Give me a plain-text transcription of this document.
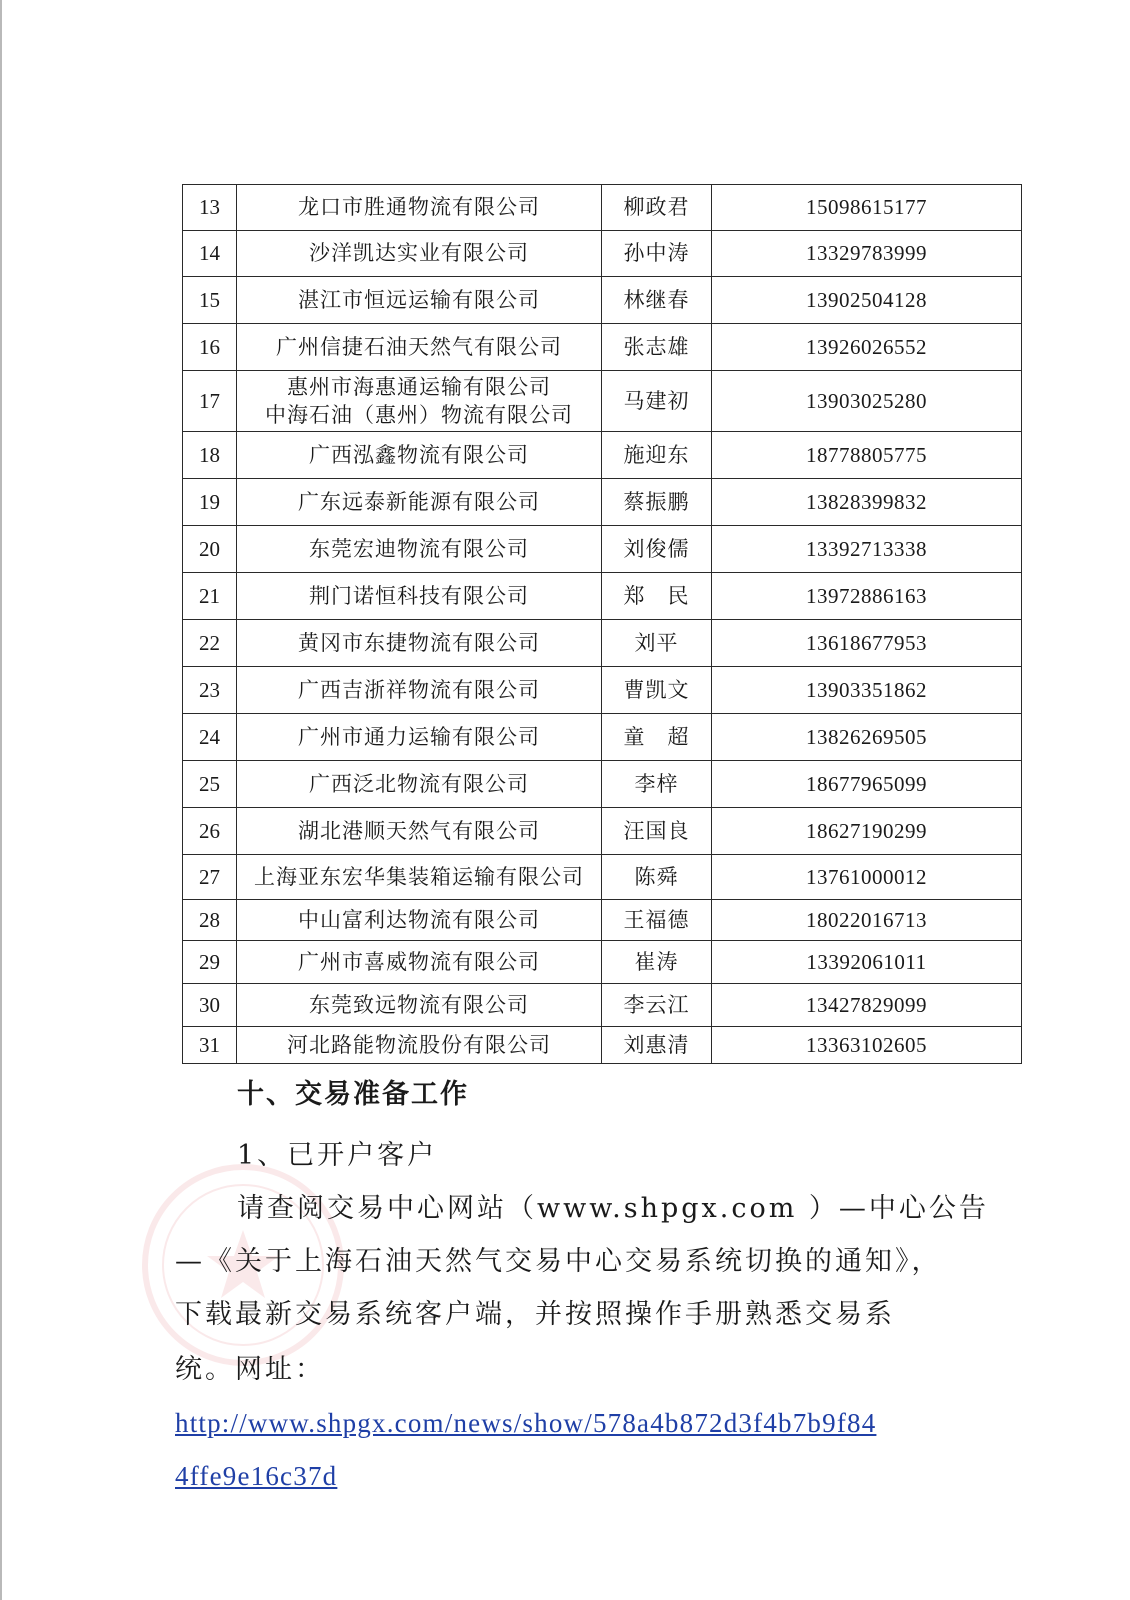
13	龙口市胜通物流有限公司	柳政君	15098615177
14	沙洋凯达实业有限公司	孙中涛	13329783999
15	湛江市恒远运输有限公司	林继春	13902504128
16	广州信捷石油天然气有限公司	张志雄	13926026552
17	惠州市海惠通运输有限公司
中海石油（惠州）物流有限公司	马建初	13903025280
18	广西泓鑫物流有限公司	施迎东	18778805775
19	广东远泰新能源有限公司	蔡振鹏	13828399832
20	东莞宏迪物流有限公司	刘俊儒	13392713338
21	荆门诺恒科技有限公司	郑　民	13972886163
22	黄冈市东捷物流有限公司	刘平	13618677953
23	广西吉浙祥物流有限公司	曹凯文	13903351862
24	广州市通力运输有限公司	童　超	13826269505
25	广西泛北物流有限公司	李梓	18677965099
26	湖北港顺天然气有限公司	汪国良	18627190299
27	上海亚东宏华集装箱运输有限公司	陈舜	13761000012
28	中山富利达物流有限公司	王福德	18022016713
29	广州市喜威物流有限公司	崔涛	13392061011
30	东莞致远物流有限公司	李云江	13427829099
31	河北路能物流股份有限公司	刘惠清	13363102605
十、交易准备工作
1、已开户客户
请查阅交易中心网站（www.shpgx.com ）—中心公告
—《关于上海石油天然气交易中心交易系统切换的通知》，
下载最新交易系统客户端，并按照操作手册熟悉交易系
统。网址：
http://www.shpgx.com/news/show/578a4b872d3f4b7b9f84
4ffe9e16c37d
